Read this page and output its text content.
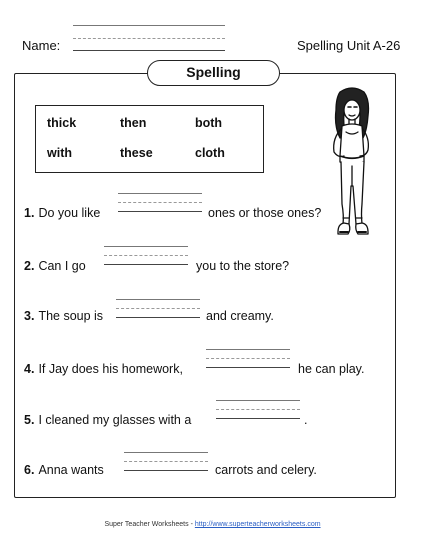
Name:	Spelling Unit A-26
Spelling
thick	then	both
with	these	cloth
1. Do you like	ones or those ones?
2. Can I go	you to the store?
3. The soup is	and creamy.
4. If Jay does his homework,	he can play.
5. I cleaned my glasses with a	.
6. Anna wants	carrots and celery.
Super Teacher Worksheets - http://www.superteacherworksheets.com
